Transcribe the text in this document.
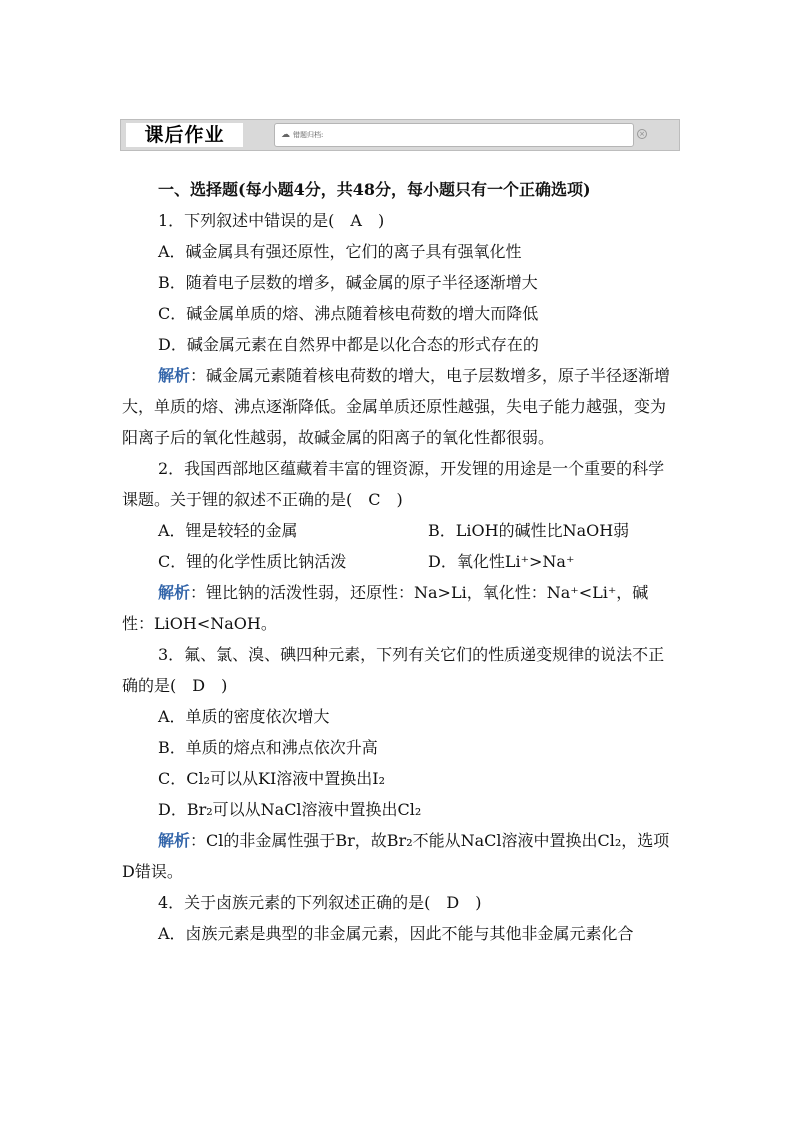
课后作业	☁ 错题归档:	×

一、选择题(每小题4分，共48分，每小题只有一个正确选项)

1．下列叙述中错误的是(　A　)

A．碱金属具有强还原性，它们的离子具有强氧化性

B．随着电子层数的增多，碱金属的原子半径逐渐增大

C．碱金属单质的熔、沸点随着核电荷数的增大而降低

D．碱金属元素在自然界中都是以化合态的形式存在的

解析：碱金属元素随着核电荷数的增大，电子层数增多，原子半径逐渐增大，单质的熔、沸点逐渐降低。金属单质还原性越强，失电子能力越强，变为阳离子后的氧化性越弱，故碱金属的阳离子的氧化性都很弱。

2．我国西部地区蕴藏着丰富的锂资源，开发锂的用途是一个重要的科学课题。关于锂的叙述不正确的是(　C　)

A．锂是较轻的金属	B．LiOH的碱性比NaOH弱
C．锂的化学性质比钠活泼	D．氧化性Li⁺>Na⁺

解析：锂比钠的活泼性弱，还原性：Na>Li，氧化性：Na⁺<Li⁺，碱性：LiOH<NaOH。

3．氟、氯、溴、碘四种元素，下列有关它们的性质递变规律的说法不正确的是(　D　)

A．单质的密度依次增大

B．单质的熔点和沸点依次升高

C．Cl₂可以从KI溶液中置换出I₂

D．Br₂可以从NaCl溶液中置换出Cl₂

解析：Cl的非金属性强于Br，故Br₂不能从NaCl溶液中置换出Cl₂，选项D错误。

4．关于卤族元素的下列叙述正确的是(　D　)

A．卤族元素是典型的非金属元素，因此不能与其他非金属元素化合
